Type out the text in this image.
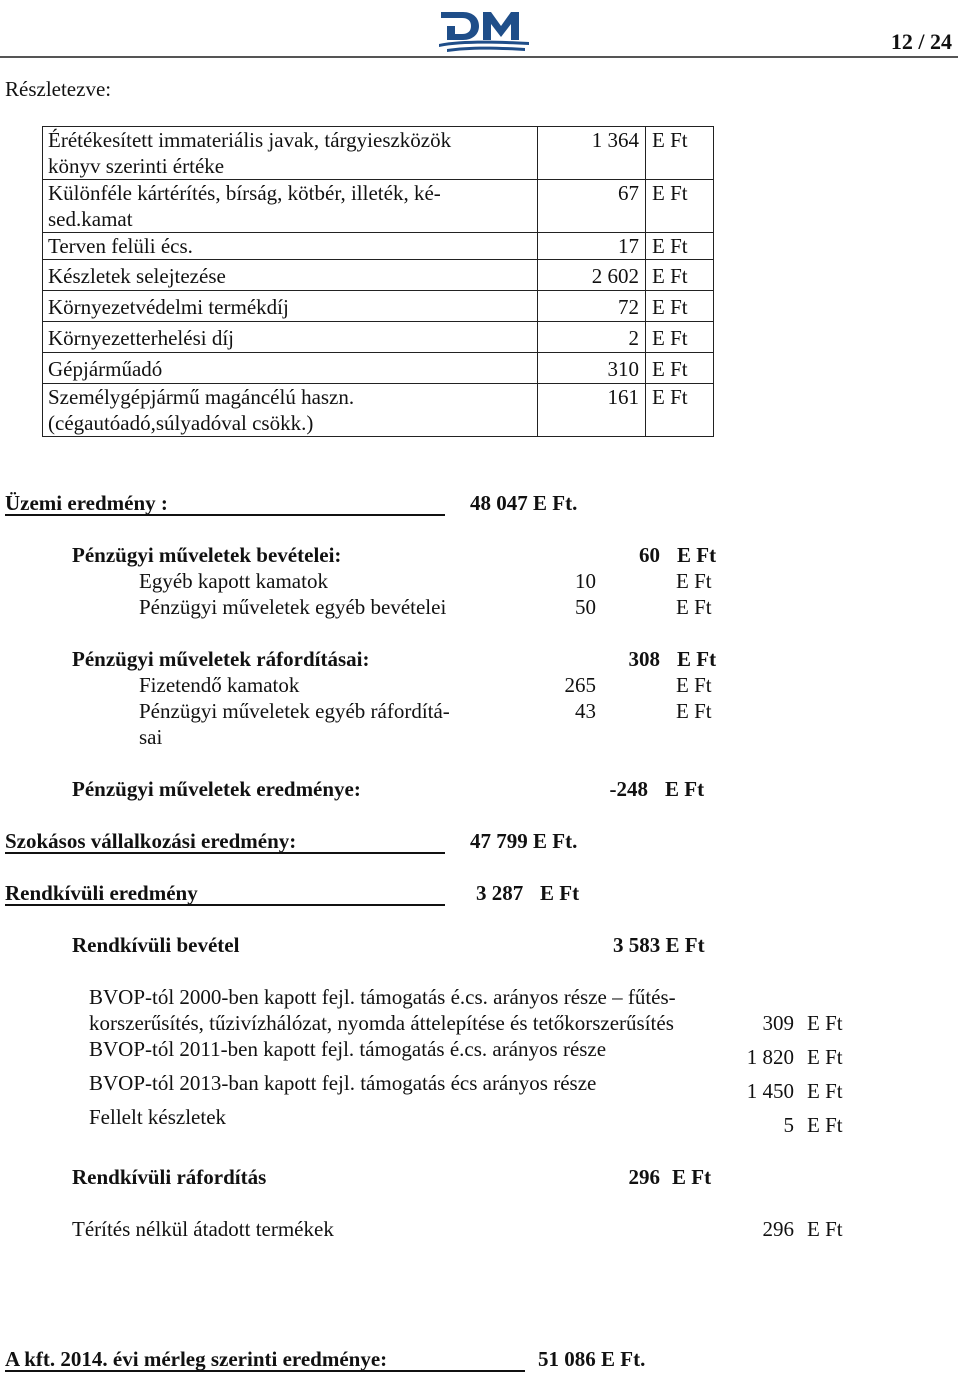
12 / 24
Részletezve:
Érétékesített immateriális javak, tárgyieszközök
könyv szerinti értéke	1 364	E Ft
Különféle kártérítés, bírság, kötbér, illeték, ké-
sed.kamat	67	E Ft
Terven felüli écs.	17	E Ft
Készletek selejtezése	2 602	E Ft
Környezetvédelmi termékdíj	72	E Ft
Környezetterhelési díj	2	E Ft
Gépjárműadó	310	E Ft
Személygépjármű magáncélú haszn.
(cégautóadó,súlyadóval csökk.)	161	E Ft
Üzemi eredmény :	48 047 E Ft.
Pénzügyi műveletek bevételei:	60 E Ft
Egyéb kapott kamatok	10	E Ft
Pénzügyi műveletek egyéb bevételei	50	E Ft
Pénzügyi műveletek ráfordításai:	308 E Ft
Fizetendő kamatok	265	E Ft
Pénzügyi műveletek egyéb ráfordítá-
sai
43	E Ft
Pénzügyi műveletek eredménye:	-248 E Ft
Szokásos vállalkozási eredmény:	47 799 E Ft.
Rendkívüli eredmény	3 287 E Ft
Rendkívüli bevétel	3 583 E Ft
BVOP-tól 2000-ben kapott fejl. támogatás é.cs. arányos része – fűtés-
korszerűsítés, tűzivízhálózat, nyomda áttelepítése és tetőkorszerűsítés	309 E Ft
BVOP-tól 2011-ben kapott fejl. támogatás é.cs. arányos része	1 820 E Ft
BVOP-tól 2013-ban kapott fejl. támogatás écs arányos része	1 450 E Ft
Fellelt készletek	5 E Ft
Rendkívüli ráfordítás	296 E Ft
Térítés nélkül átadott termékek	296 E Ft
A kft. 2014. évi mérleg szerinti eredménye:	51 086 E Ft.
